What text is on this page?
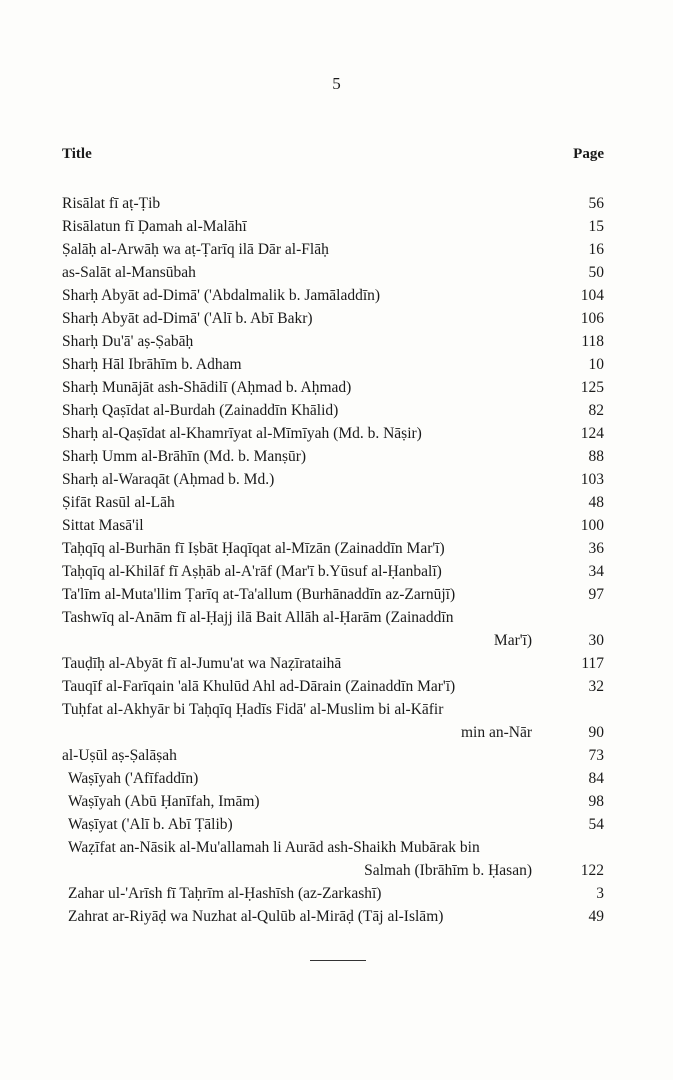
5
Title	Page
Risālat fī aṭ-Ṭib	56
Risālatun fī Ḍamah al-Malāhī	15
Ṣalāḥ al-Arwāḥ wa aṭ-Ṭarīq ilā Dār al-Flāḥ	16
as-Salāt al-Mansūbah	50
Sharḥ Abyāt ad-Dimā' ('Abdalmalik b. Jamāladdīn)	104
Sharḥ Abyāt ad-Dimā' ('Alī b. Abī Bakr)	106
Sharḥ Du'ā' aṣ-Ṣabāḥ	118
Sharḥ Hāl Ibrāhīm b. Adham	10
Sharḥ Munājāt ash-Shādilī (Aḥmad b. Aḥmad)	125
Sharḥ Qaṣīdat al-Burdah (Zainaddīn Khālid)	82
Sharḥ al-Qaṣīdat al-Khamrīyat al-Mīmīyah (Md. b. Nāṣir)	124
Sharḥ Umm al-Brāhīn (Md. b. Manṣūr)	88
Sharḥ al-Waraqāt (Aḥmad b. Md.)	103
Ṣifāt Rasūl al-Lāh	48
Sittat Masā'il	100
Taḥqīq al-Burhān fī Iṣbāt Ḥaqīqat al-Mīzān (Zainaddīn Mar'ī)	36
Taḥqīq al-Khilāf fī Aṣḥāb al-A'rāf (Mar'ī b.Yūsuf al-Ḥanbalī)	34
Ta'līm al-Muta'llim Ṭarīq at-Ta'allum (Burhānaddīn az-Zarnūjī)	97
Tashwīq al-Anām fī al-Ḥajj ilā Bait Allāh al-Ḥarām (Zainaddīn
Mar'ī)	30
Tauḍīḥ al-Abyāt fī al-Jumu'at wa Naẓīrataihā	117
Tauqīf al-Farīqain 'alā Khulūd Ahl ad-Dārain (Zainaddīn Mar'ī)	32
Tuḥfat al-Akhyār bi Taḥqīq Ḥadīs Fidā' al-Muslim bi al-Kāfir
min an-Nār	90
al-Uṣūl aṣ-Ṣalāṣah	73
Waṣīyah ('Afīfaddīn)	84
Waṣīyah (Abū Ḥanīfah, Imām)	98
Waṣīyat ('Alī b. Abī Ṭālib)	54
Waẓīfat an-Nāsik al-Mu'allamah li Aurād ash-Shaikh Mubārak bin
Salmah (Ibrāhīm b. Ḥasan)	122
Zahar ul-'Arīsh fī Taḥrīm al-Ḥashīsh (az-Zarkashī)	3
Zahrat ar-Riyāḍ wa Nuzhat al-Qulūb al-Mirāḍ (Tāj al-Islām)	49
